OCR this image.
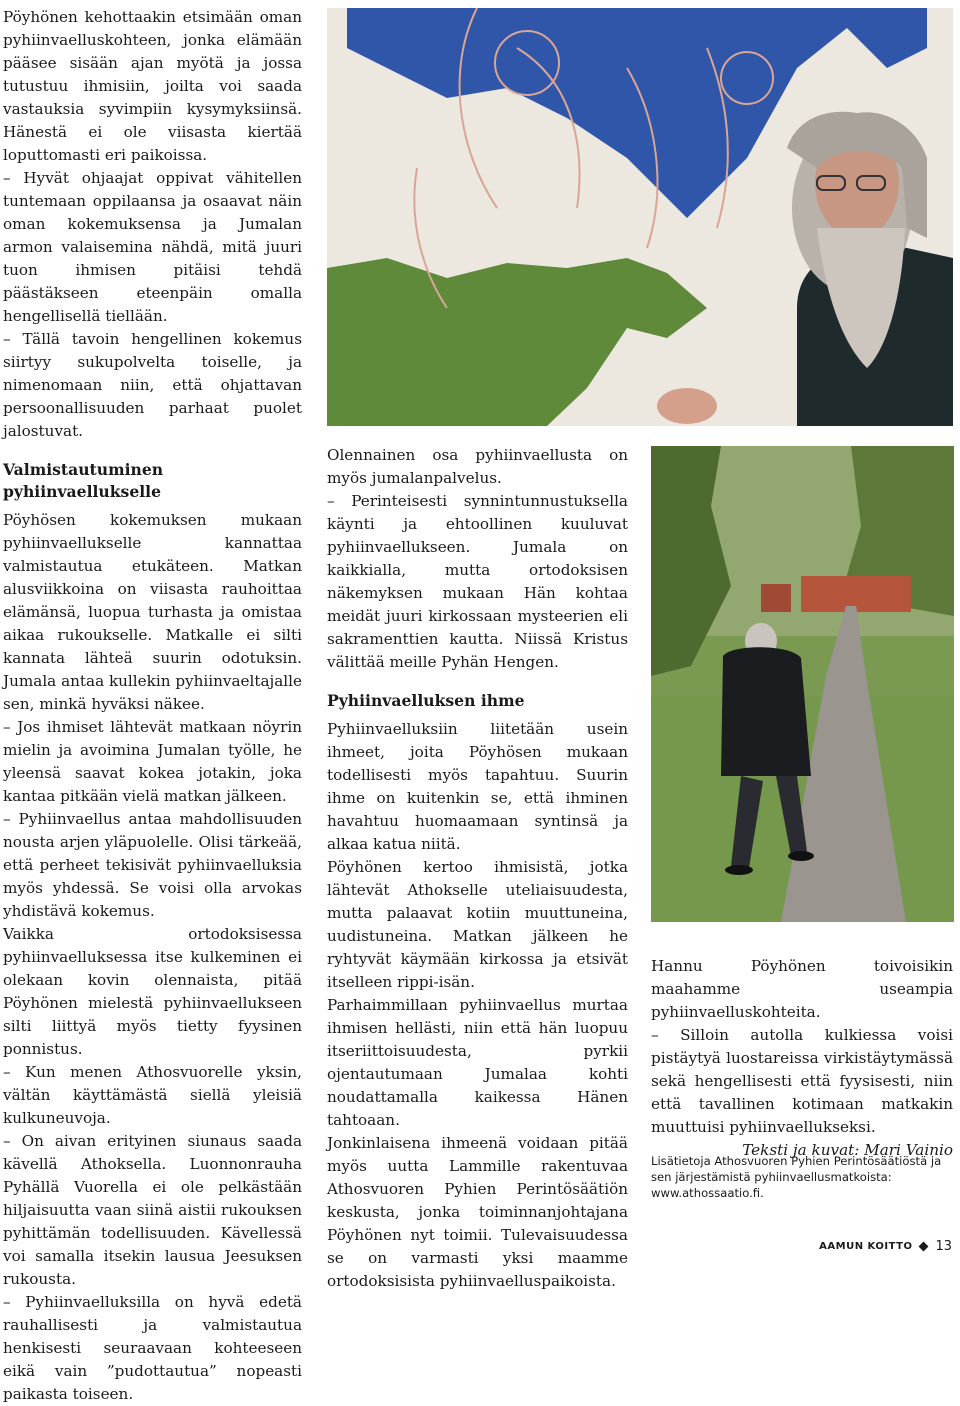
Pöyhönen kehottaakin etsimään oman pyhiinvaelluskohteen, jonka elämään pääsee sisään ajan myötä ja jossa tutustuu ihmisiin, joilta voi saada vastauksia syvimpiin kysymyksiinsä. Hänestä ei ole viisasta kiertää loputtomasti eri paikoissa.

– Hyvät ohjaajat oppivat vähitellen tuntemaan oppilaansa ja osaavat näin oman kokemuksensa ja Jumalan armon valaisemina nähdä, mitä juuri tuon ihmisen pitäisi tehdä päästäkseen eteenpäin omalla hengellisellä tiellään.

– Tällä tavoin hengellinen kokemus siirtyy sukupolvelta toiselle, ja nimenomaan niin, että ohjattavan persoonallisuuden parhaat puolet jalostuvat.

Valmistautuminen pyhiinvaellukselle

Pöyhösen kokemuksen mukaan pyhiinvaellukselle kannattaa valmistautua etukäteen. Matkan alusviikkoina on viisasta rauhoittaa elämänsä, luopua turhasta ja omistaa aikaa rukoukselle. Matkalle ei silti kannata lähteä suurin odotuksin. Jumala antaa kullekin pyhiinvaeltajalle sen, minkä hyväksi näkee.

– Jos ihmiset lähtevät matkaan nöyrin mielin ja avoimina Jumalan työlle, he yleensä saavat kokea jotakin, joka kantaa pitkään vielä matkan jälkeen.

– Pyhiinvaellus antaa mahdollisuuden nousta arjen yläpuolelle. Olisi tärkeää, että perheet tekisivät pyhiinvaelluksia myös yhdessä. Se voisi olla arvokas yhdistävä kokemus.

Vaikka ortodoksisessa pyhiinvaelluksessa itse kulkeminen ei olekaan kovin olennaista, pitää Pöyhönen mielestä pyhiinvaellukseen silti liittyä myös tietty fyysinen ponnistus.

– Kun menen Athosvuorelle yksin, vältän käyttämästä siellä yleisiä kulkuneuvoja.

– On aivan erityinen siunaus saada kävellä Athoksella. Luonnonrauha Pyhällä Vuorella ei ole pelkästään hiljaisuutta vaan siinä aistii rukouksen pyhittämän todellisuuden. Kävellessä voi samalla itsekin lausua Jeesuksen rukousta.

– Pyhiinvaelluksilla on hyvä edetä rauhallisesti ja valmistautua henkisesti seuraavaan kohteeseen eikä vain ”pudottautua” nopeasti paikasta toiseen.

Olennainen osa pyhiinvaellusta on myös jumalanpalvelus.

– Perinteisesti synnintunnustuksella käynti ja ehtoollinen kuuluvat pyhiinvaellukseen. Jumala on kaikkialla, mutta ortodoksisen näkemyksen mukaan Hän kohtaa meidät juuri kirkossaan mysteerien eli sakramenttien kautta. Niissä Kristus välittää meille Pyhän Hengen.

Pyhiinvaelluksen ihme

Pyhiinvaelluksiin liitetään usein ihmeet, joita Pöyhösen mukaan todellisesti myös tapahtuu. Suurin ihme on kuitenkin se, että ihminen havahtuu huomaamaan syntinsä ja alkaa katua niitä.

Pöyhönen kertoo ihmisistä, jotka lähtevät Athokselle uteliaisuudesta, mutta palaavat kotiin muuttuneina, uudistuneina. Matkan jälkeen he ryhtyvät käymään kirkossa ja etsivät itselleen rippi-isän.

Parhaimmillaan pyhiinvaellus murtaa ihmisen hellästi, niin että hän luopuu itseriittoisuudesta, pyrkii ojentautumaan Jumalaa kohti noudattamalla kaikessa Hänen tahtoaan.

Jonkinlaisena ihmeenä voidaan pitää myös uutta Lammille rakentuvaa Athosvuoren Pyhien Perintösäätiön keskusta, jonka toiminnanjohtajana Pöyhönen nyt toimii. Tulevaisuudessa se on varmasti yksi maamme ortodoksisista pyhiinvaelluspaikoista.

Hannu Pöyhönen toivoisikin maahamme useampia pyhiinvaelluskohteita.

– Silloin autolla kulkiessa voisi pistäytyä luostareissa virkistäytymässä sekä hengellisesti että fyysisesti, niin että tavallinen kotimaan matkakin muuttuisi pyhiinvaellukseksi.

Teksti ja kuvat: Mari Vainio

Lisätietoja Athosvuoren Pyhien Perintösäätiöstä ja sen järjestämistä pyhiinvaellusmatkoista: www.athossaatio.fi.

AAMUN KOITTO 13
